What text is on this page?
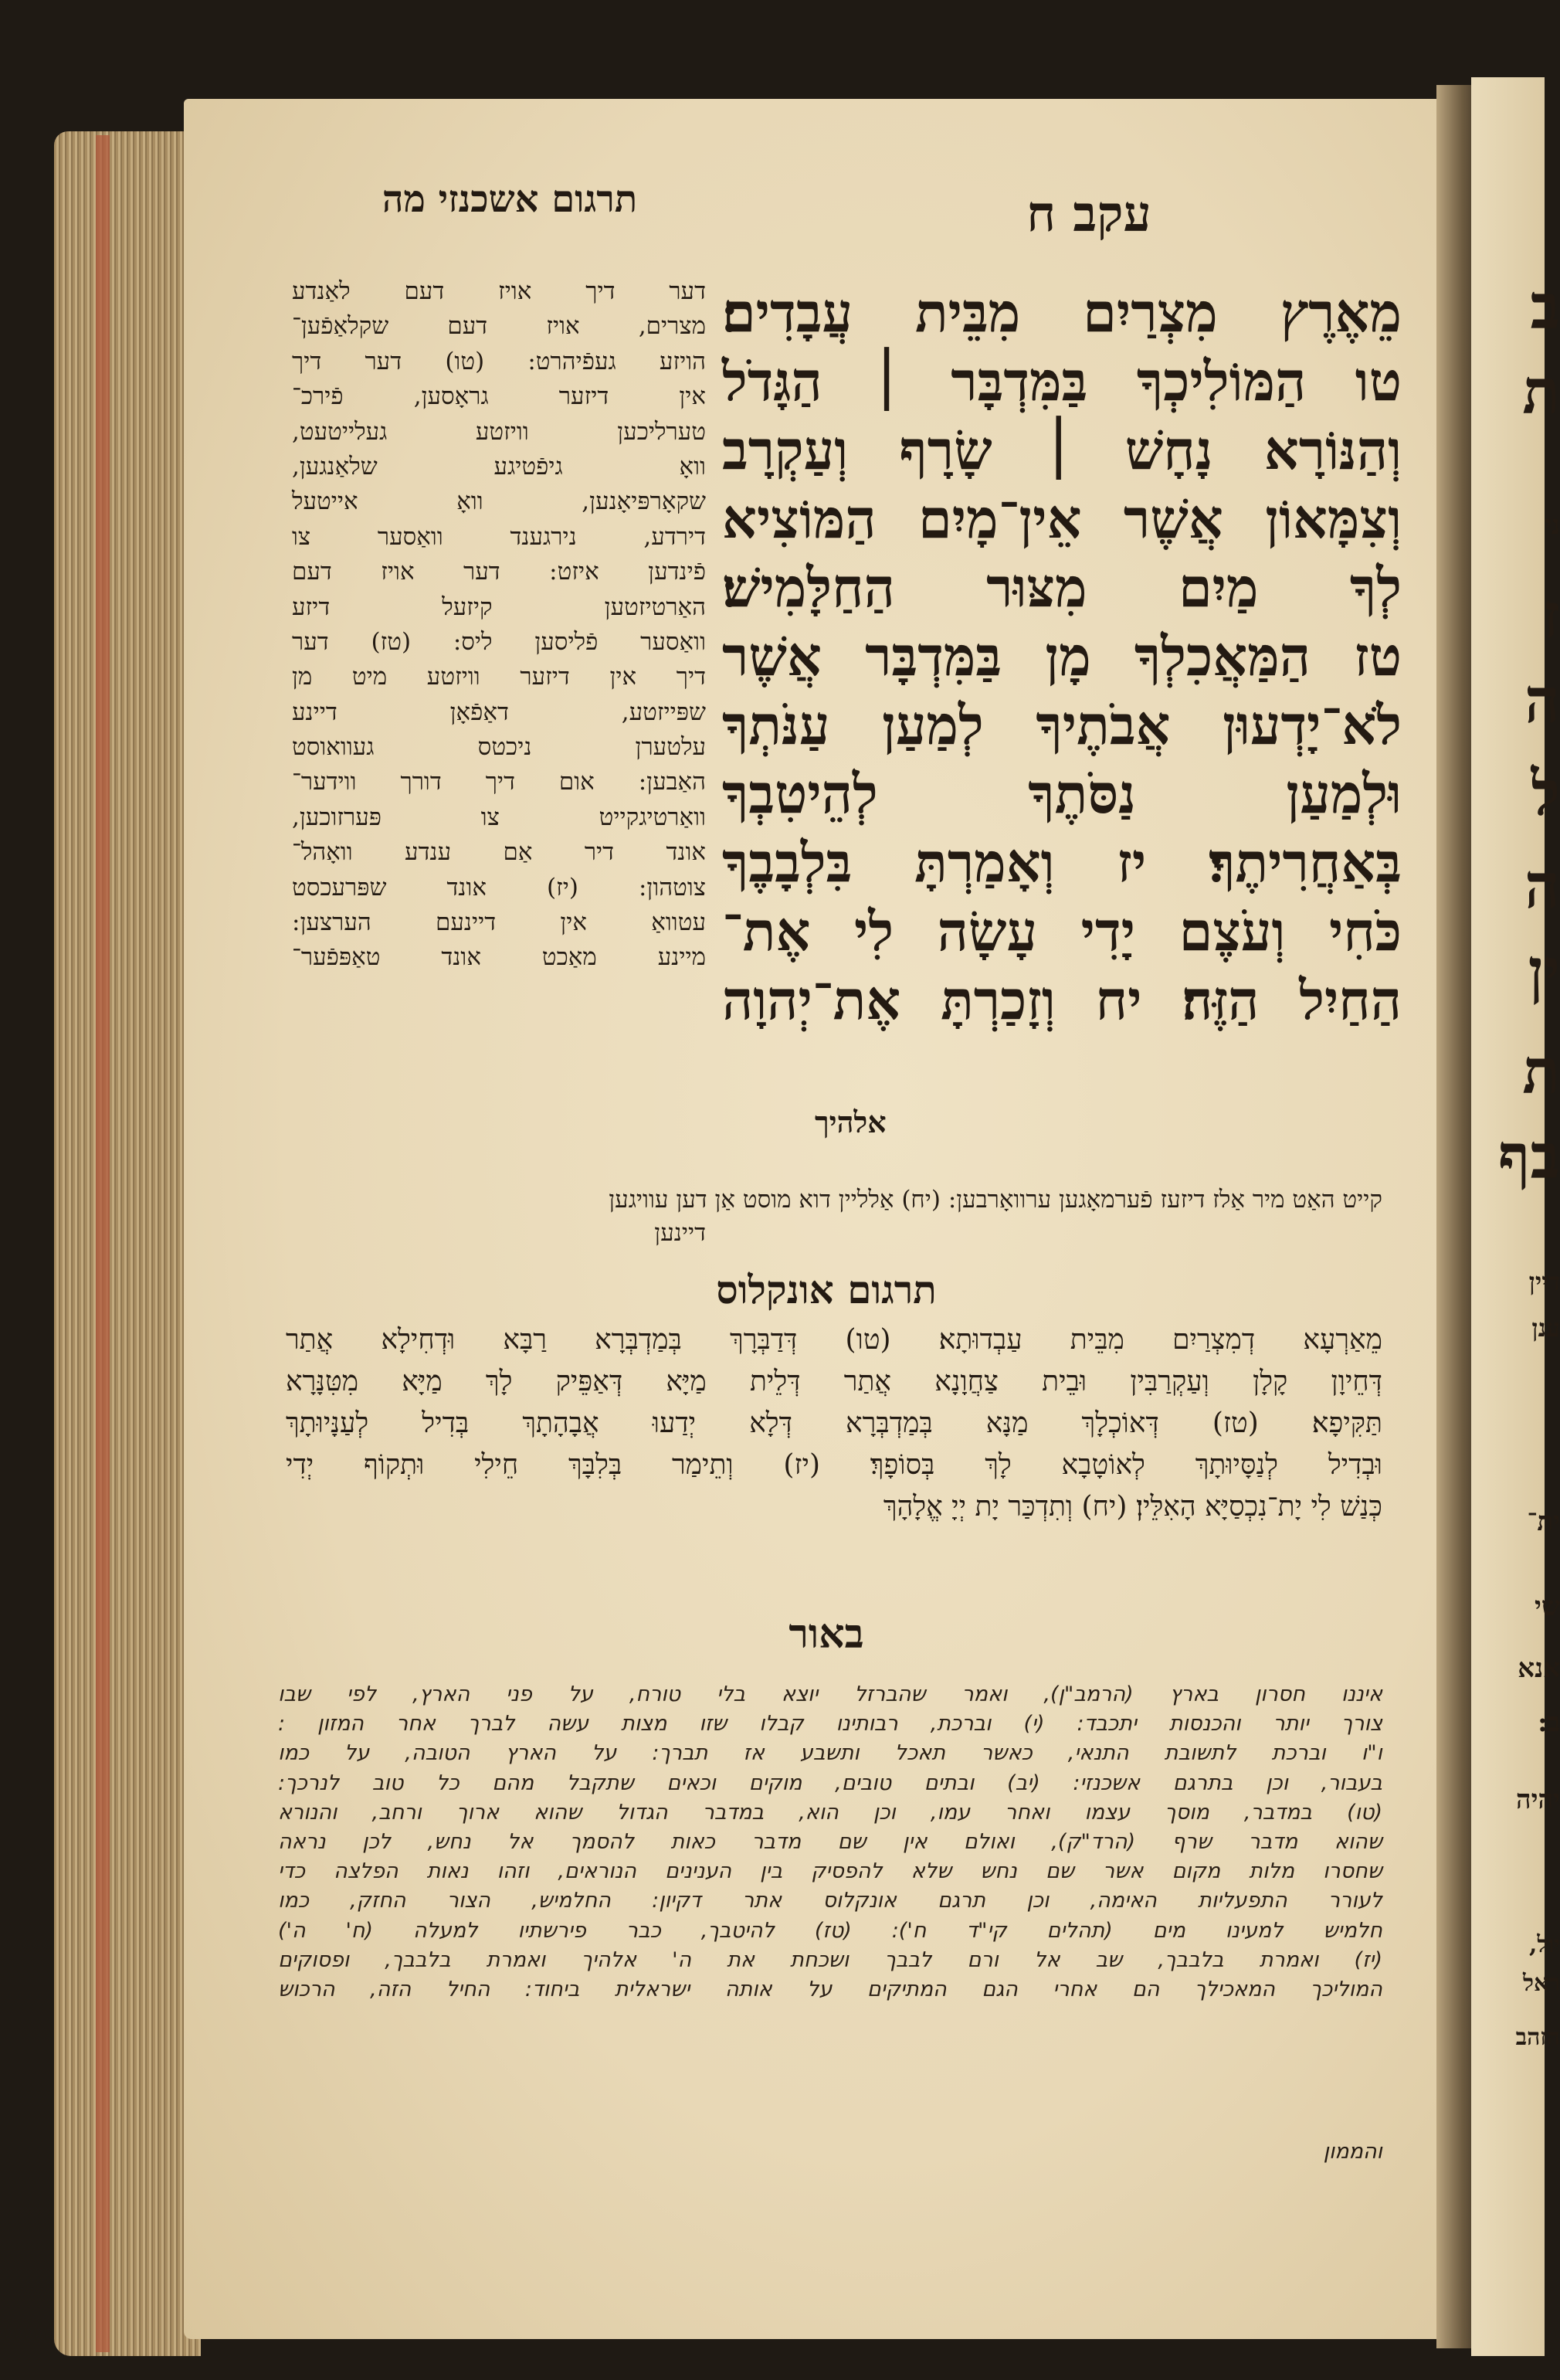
ב
ת
ני
ז
ה
ל
ה
ין
ת
בף
דיין
ענן
ית־
שי
אנא
ב:
יהיה
יול,
ראל
הזהב
תרגום אשכנזי מה	עקב ח
מֵאֶרֶץ מִצְרַיִם מִבֵּית עֲבָדִים׃
טו הַמּוֹלִיכְךָ בַּמִּדְבָּר ׀ הַגָּדֹל
וְהַנּוֹרָא נָחָשׁ ׀ שָׂרָף וְעַקְרָב
וְצִמָּאוֹן אֲשֶׁר אֵין־מָיִם הַמּוֹצִיא
לְךָ מַיִם מִצּוּר הַחַלָּמִישׁ׃
טז הַמַּאֲכִלְךָ מָן בַּמִּדְבָּר אֲשֶׁר
לֹא־יָדְעוּן אֲבֹתֶיךָ לְמַעַן עַנֹּתְךָ
וּלְמַעַן נַסֹּתֶךָ לְהֵיטִבְךָ
בְּאַחֲרִיתֶךָ׃ יז וְאָמַרְתָּ בִּלְבָבֶךָ
כֹּחִי וְעֹצֶם יָדִי עָשָׂה לִי אֶת־
הַחַיִל הַזֶּה׃ יח וְזָכַרְתָּ אֶת־יְהוָה
אלהיך
דער דיך אויז דעם לאַנדע
מצרים, אויז דעם שקלאַפֿען־
הויזע געפֿיהרט: (טו) דער דיך
אין דיזער גראָסען, פֿירכ־
טערליכען וויזטע געלייטעט,
וואָ גיפֿטיגע שלאַנגען,
שקאָרפּיאָנען, וואָ אייטעל
דירדע, נירגענד וואַסער צו
פֿינדען איזט: דער אויז דעם
האַרטיזטען קיזעל דיזע
וואַסער פֿליסען ליס: (טז) דער
דיך אין דיזער וויזטע מיט מן
שפּייזטע, דאַפֿאָן דיינע
עלטערן ניכטס געוואוסט
האַבען: אום דיך דורך ווידער־
וואַרטיגקייט צו פּערזוכען,
אונד דיר אַם ענדע וואָהל־
צוטהון: (יז) אונד שפּרעכסט
עטוואַ אין דיינעם הערצען:
מיינע מאַכט אונד טאַפּפֿער־
קייט האַט מיר אַלז דיזעז פֿערמאָגען ערוואָרבען: (יח) אַלליין דוא מוסט אַן דען עוויגען
דיינען
תרגום אונקלוס
מֵאַרְעָא דְמִצְרַיִם מִבֵּית עַבְדוּתָא׃ (טו) דְּדַבְּרָךְ בְּמַדְבְּרָא רַבָּא וּדְחִילָא אֲתַר
דְּחֵיוָן קָלָן וְעַקְרַבִּין וּבֵית צַחֲוָנָא אֲתַר דְּלֵית מַיָּא דְּאַפֵּיק לָךְ מַיָּא מִטִּנָּרָא
תַּקִּיפָא׃ (טז) דְּאוֹכְלָךְ מַנָּא בְּמַדְבְּרָא דְּלָא יְדַעוּ אֲבָהָתָךְ בְּדִיל לְעַנָּיוּתָךְ
וּבְדִיל לְנַסָּיוּתָךְ לְאוֹטָבָא לָךְ בְּסוֹפָךְ׃ (יז) וְתֵימַר בְּלִבָּךְ חֵילִי וּתְקוֹף יְדִי
כְּנַשׁ לִי יָת־נִכְסַיָּא הָאִלֵּין׃ (יח) וְתִדְכַּר יָת יְיָ אֱלָהָךְ
באור
איננו חסרון בארץ (הרמב"ן), ואמר שהברזל יוצא בלי טורח, על פני הארץ, לפי שבו
צורך יותר והכנסות יתכבד: (י) וברכת, רבותינו קבלו שזו מצות עשה לברך אחר המזון :
ו"ו וברכת לתשובת התנאי, כאשר תאכל ותשבע אז תברך: על הארץ הטובה, על כמו
בעבור, וכן בתרגם אשכנזי: (יב) ובתים טובים, מוקים וכאים שתקבל מהם כל טוב לנרכך:
(טו) במדבר, מוסך עצמו ואחר עמו, וכן הוא, במדבר הגדול שהוא ארוך ורחב, והנורא
שהוא מדבר שרף (הרד"ק), ואולם אין שם מדבר כאות להסמך אל נחש, לכן נראה
שחסרו מלות מקום אשר שם נחש שלא להפסיק בין הענינים הנוראים, וזהו נאות הפלצה כדי
לעורר התפעליות האימה, וכן תרגם אונקלוס אתר דקיון: החלמיש, הצור החזק, כמו
חלמיש למעינו מים (תהלים קי"ד ח'): (טז) להיטבך, כבר פירשתיו למעלה (ח' ה')
(יז) ואמרת בלבבך, שב אל ורם לבבך ושכחת את ה' אלהיך ואמרת בלבבך, ופסוקים
המוליכך המאכילך הם אחרי הגם המתיקים על אותה ישראלית ביחוד: החיל הזה, הרכוש
והממון
